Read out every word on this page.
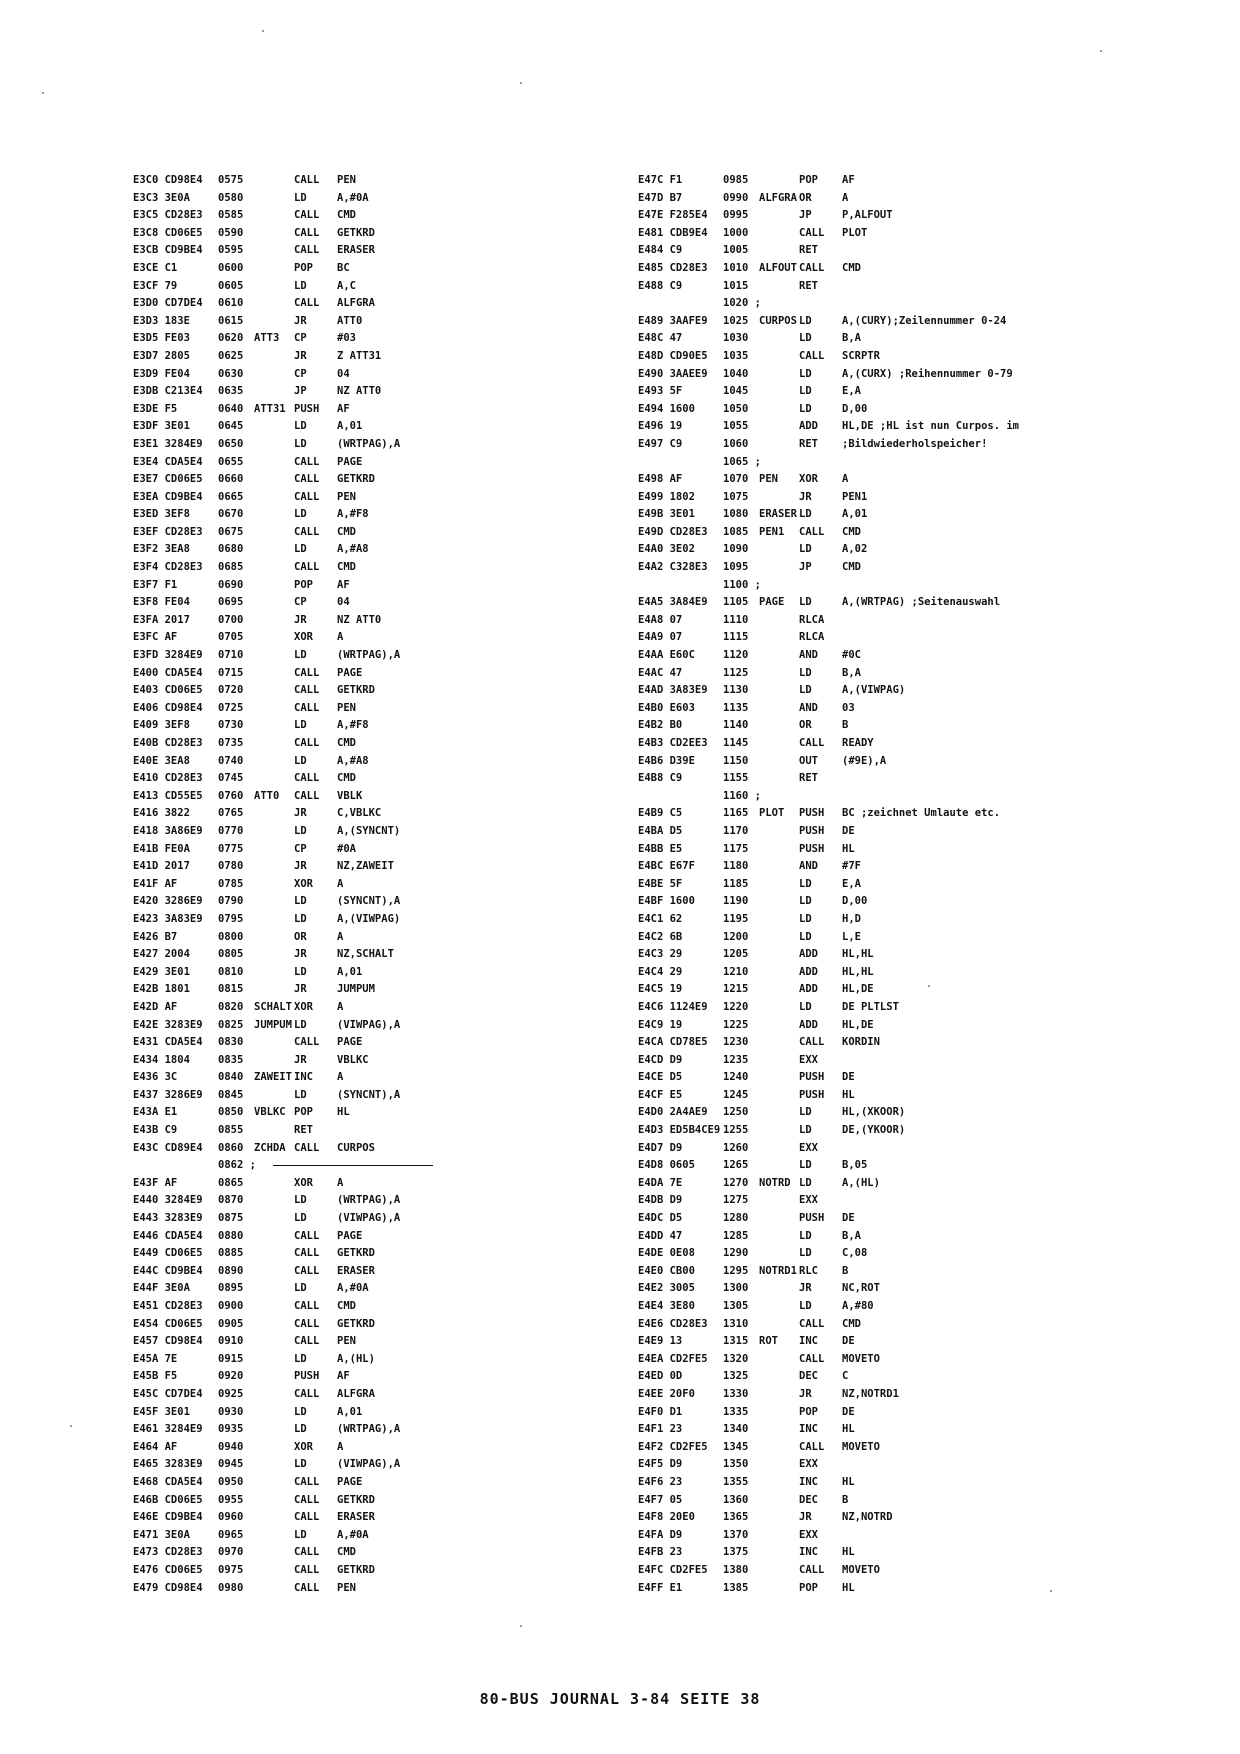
E3C0 CD98E4 0575	CALL PEN
E3C3 3E0A	0580	LD	A,#0A
E3C5 CD28E3 0585	CALL CMD
E3C8 CD06E5 0590	CALL GETKRD
E3CB CD9BE4 0595	CALL ERASER
E3CE C1	0600	POP BC
E3CF 79	0605	LD	A,C
E3D0 CD7DE4 0610	CALL ALFGRA
E3D3 183E	0615	JR	ATT0
E3D5 FE03	0620 ATT3 CP	#03
E3D7 2805	0625	JR	Z ATT31
E3D9 FE04	0630	CP	04
E3DB C213E4 0635	JP	NZ ATT0
E3DE F5	0640 ATT31 PUSH AF
E3DF 3E01	0645	LD	A,01
E3E1 3284E9 0650	LD	(WRTPAG),A
E3E4 CDA5E4 0655	CALL PAGE
E3E7 CD06E5 0660	CALL GETKRD
E3EA CD9BE4 0665	CALL PEN
E3ED 3EF8	0670	LD	A,#F8
E3EF CD28E3 0675	CALL CMD
E3F2 3EA8	0680	LD	A,#A8
E3F4 CD28E3 0685	CALL CMD
E3F7 F1	0690	POP AF
E3F8 FE04	0695	CP	04
E3FA 2017	0700	JR	NZ ATT0
E3FC AF	0705	XOR A
E3FD 3284E9 0710	LD	(WRTPAG),A
E400 CDA5E4 0715	CALL PAGE
E403 CD06E5 0720	CALL GETKRD
E406 CD98E4 0725	CALL PEN
E409 3EF8	0730	LD	A,#F8
E40B CD28E3 0735	CALL CMD
E40E 3EA8	0740	LD	A,#A8
E410 CD28E3 0745	CALL CMD
E413 CD55E5 0760 ATT0 CALL VBLK
E416 3822	0765	JR	C,VBLKC
E418 3A86E9 0770	LD	A,(SYNCNT)
E41B FE0A	0775	CP	#0A
E41D 2017	0780	JR	NZ,ZAWEIT
E41F AF	0785	XOR A
E420 3286E9 0790	LD	(SYNCNT),A
E423 3A83E9 0795	LD	A,(VIWPAG)
E426 B7	0800	OR	A
E427 2004	0805	JR	NZ,SCHALT
E429 3E01	0810	LD	A,01
E42B 1801	0815	JR	JUMPUM
E42D AF	0820 SCHALT XOR A
E42E 3283E9 0825 JUMPUM LD	(VIWPAG),A
E431 CDA5E4 0830	CALL PAGE
E434 1804	0835	JR	VBLKC
E436 3C	0840 ZAWEIT INC A
E437 3286E9 0845	LD	(SYNCNT),A
E43A E1	0850 VBLKC POP HL
E43B C9	0855	RET
E43C CD89E4 0860 ZCHDA CALL CURPOS
0862 ;
E43F AF	0865	XOR A
E440 3284E9 0870	LD	(WRTPAG),A
E443 3283E9 0875	LD	(VIWPAG),A
E446 CDA5E4 0880	CALL PAGE
E449 CD06E5 0885	CALL GETKRD
E44C CD9BE4 0890	CALL ERASER
E44F 3E0A	0895	LD	A,#0A
E451 CD28E3 0900	CALL CMD
E454 CD06E5 0905	CALL GETKRD
E457 CD98E4 0910	CALL PEN
E45A 7E	0915	LD	A,(HL)
E45B F5	0920	PUSH AF
E45C CD7DE4 0925	CALL ALFGRA
E45F 3E01	0930	LD	A,01
E461 3284E9 0935	LD	(WRTPAG),A
E464 AF	0940	XOR A
E465 3283E9 0945	LD	(VIWPAG),A
E468 CDA5E4 0950	CALL PAGE
E46B CD06E5 0955	CALL GETKRD
E46E CD9BE4 0960	CALL ERASER
E471 3E0A	0965	LD	A,#0A
E473 CD28E3 0970	CALL CMD
E476 CD06E5 0975	CALL GETKRD
E479 CD98E4 0980	CALL PEN
E47C F1	0985	POP AF
E47D B7	0990 ALFGRA OR	A
E47E F285E4 0995	JP	P,ALFOUT
E481 CDB9E4 1000	CALL PLOT
E484 C9	1005	RET
E485 CD28E3 1010 ALFOUT CALL CMD
E488 C9	1015	RET
1020 ;
E489 3AAFE9 1025 CURPOS LD	A,(CURY);Zeilennummer 0-24
E48C 47	1030	LD	B,A
E48D CD90E5 1035	CALL SCRPTR
E490 3AAEE9 1040	LD	A,(CURX) ;Reihennummer 0-79
E493 5F	1045	LD	E,A
E494 1600	1050	LD	D,00
E496 19	1055	ADD HL,DE ;HL ist nun Curpos. im
E497 C9	1060	RET ;Bildwiederholspeicher!
1065 ;
E498 AF	1070 PEN XOR A
E499 1802	1075	JR	PEN1
E49B 3E01	1080 ERASER LD	A,01
E49D CD28E3 1085 PEN1 CALL CMD
E4A0 3E02	1090	LD	A,02
E4A2 C328E3 1095	JP	CMD
1100 ;
E4A5 3A84E9 1105 PAGE LD	A,(WRTPAG) ;Seitenauswahl
E4A8 07	1110	RLCA
E4A9 07	1115	RLCA
E4AA E60C	1120	AND #0C
E4AC 47	1125	LD	B,A
E4AD 3A83E9 1130	LD	A,(VIWPAG)
E4B0 E603	1135	AND 03
E4B2 B0	1140	OR	B
E4B3 CD2EE3 1145	CALL READY
E4B6 D39E	1150	OUT (#9E),A
E4B8 C9	1155	RET
1160 ;
E4B9 C5	1165 PLOT PUSH BC ;zeichnet Umlaute etc.
E4BA D5	1170	PUSH DE
E4BB E5	1175	PUSH HL
E4BC E67F	1180	AND #7F
E4BE 5F	1185	LD	E,A
E4BF 1600	1190	LD	D,00
E4C1 62	1195	LD	H,D
E4C2 6B	1200	LD	L,E
E4C3 29	1205	ADD HL,HL
E4C4 29	1210	ADD HL,HL
E4C5 19	1215	ADD HL,DE
E4C6 1124E9 1220	LD	DE PLTLST
E4C9 19	1225	ADD HL,DE
E4CA CD78E5 1230	CALL KORDIN
E4CD D9	1235	EXX
E4CE D5	1240	PUSH DE
E4CF E5	1245	PUSH HL
E4D0 2A4AE9 1250	LD	HL,(XKOOR)
E4D3 ED5B4CE9 1255	LD	DE,(YKOOR)
E4D7 D9	1260	EXX
E4D8 0605	1265	LD	B,05
E4DA 7E	1270 NOTRD LD	A,(HL)
E4DB D9	1275	EXX
E4DC D5	1280	PUSH DE
E4DD 47	1285	LD	B,A
E4DE 0E08	1290	LD	C,08
E4E0 CB00	1295 NOTRD1 RLC B
E4E2 3005	1300	JR	NC,ROT
E4E4 3E80	1305	LD	A,#80
E4E6 CD28E3 1310	CALL CMD
E4E9 13	1315 ROT INC DE
E4EA CD2FE5 1320	CALL MOVETO
E4ED 0D	1325	DEC C
E4EE 20F0	1330	JR	NZ,NOTRD1
E4F0 D1	1335	POP DE
E4F1 23	1340	INC HL
E4F2 CD2FE5 1345	CALL MOVETO
E4F5 D9	1350	EXX
E4F6 23	1355	INC HL
E4F7 05	1360	DEC B
E4F8 20E0	1365	JR	NZ,NOTRD
E4FA D9	1370	EXX
E4FB 23	1375	INC HL
E4FC CD2FE5 1380	CALL MOVETO
E4FF E1	1385	POP HL
80-BUS JOURNAL 3-84 SEITE 38
